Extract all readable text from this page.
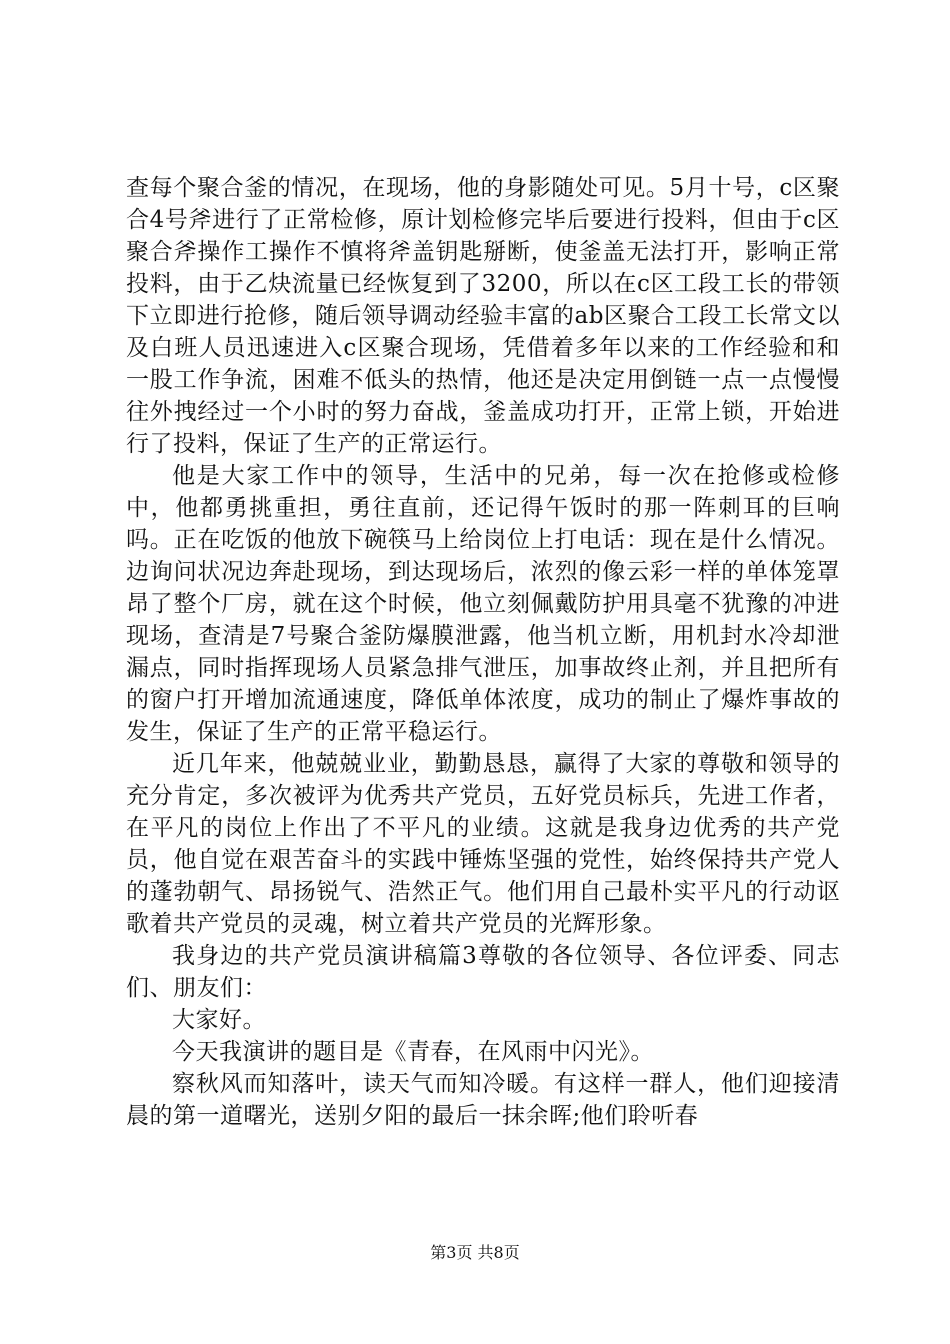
查每个聚合釜的情况，在现场，他的身影随处可见。5月十号，c区聚合4号斧进行了正常检修，原计划检修完毕后要进行投料，但由于c区聚合斧操作工操作不慎将斧盖钥匙掰断，使釜盖无法打开，影响正常投料，由于乙炔流量已经恢复到了3200，所以在c区工段工长的带领下立即进行抢修，随后领导调动经验丰富的ab区聚合工段工长常文以及白班人员迅速进入c区聚合现场，凭借着多年以来的工作经验和和一股工作争流，困难不低头的热情，他还是决定用倒链一点一点慢慢往外拽经过一个小时的努力奋战，釜盖成功打开，正常上锁，开始进行了投料，保证了生产的正常运行。

他是大家工作中的领导，生活中的兄弟，每一次在抢修或检修中，他都勇挑重担，勇往直前，还记得午饭时的那一阵刺耳的巨响吗。正在吃饭的他放下碗筷马上给岗位上打电话：现在是什么情况。边询问状况边奔赴现场，到达现场后，浓烈的像云彩一样的单体笼罩昂了整个厂房，就在这个时候，他立刻佩戴防护用具毫不犹豫的冲进现场，查清是7号聚合釜防爆膜泄露，他当机立断，用机封水冷却泄漏点，同时指挥现场人员紧急排气泄压，加事故终止剂，并且把所有的窗户打开增加流通速度，降低单体浓度，成功的制止了爆炸事故的发生，保证了生产的正常平稳运行。

近几年来，他兢兢业业，勤勤恳恳，赢得了大家的尊敬和领导的充分肯定，多次被评为优秀共产党员，五好党员标兵，先进工作者，在平凡的岗位上作出了不平凡的业绩。这就是我身边优秀的共产党员，他自觉在艰苦奋斗的实践中锤炼坚强的党性，始终保持共产党人的蓬勃朝气、昂扬锐气、浩然正气。他们用自己最朴实平凡的行动讴歌着共产党员的灵魂，树立着共产党员的光辉形象。

我身边的共产党员演讲稿篇3尊敬的各位领导、各位评委、同志们、朋友们：

大家好。

今天我演讲的题目是《青春，在风雨中闪光》。

察秋风而知落叶，读天气而知冷暖。有这样一群人，他们迎接清晨的第一道曙光，送别夕阳的最后一抹余晖;他们聆听春

第3页 共8页
